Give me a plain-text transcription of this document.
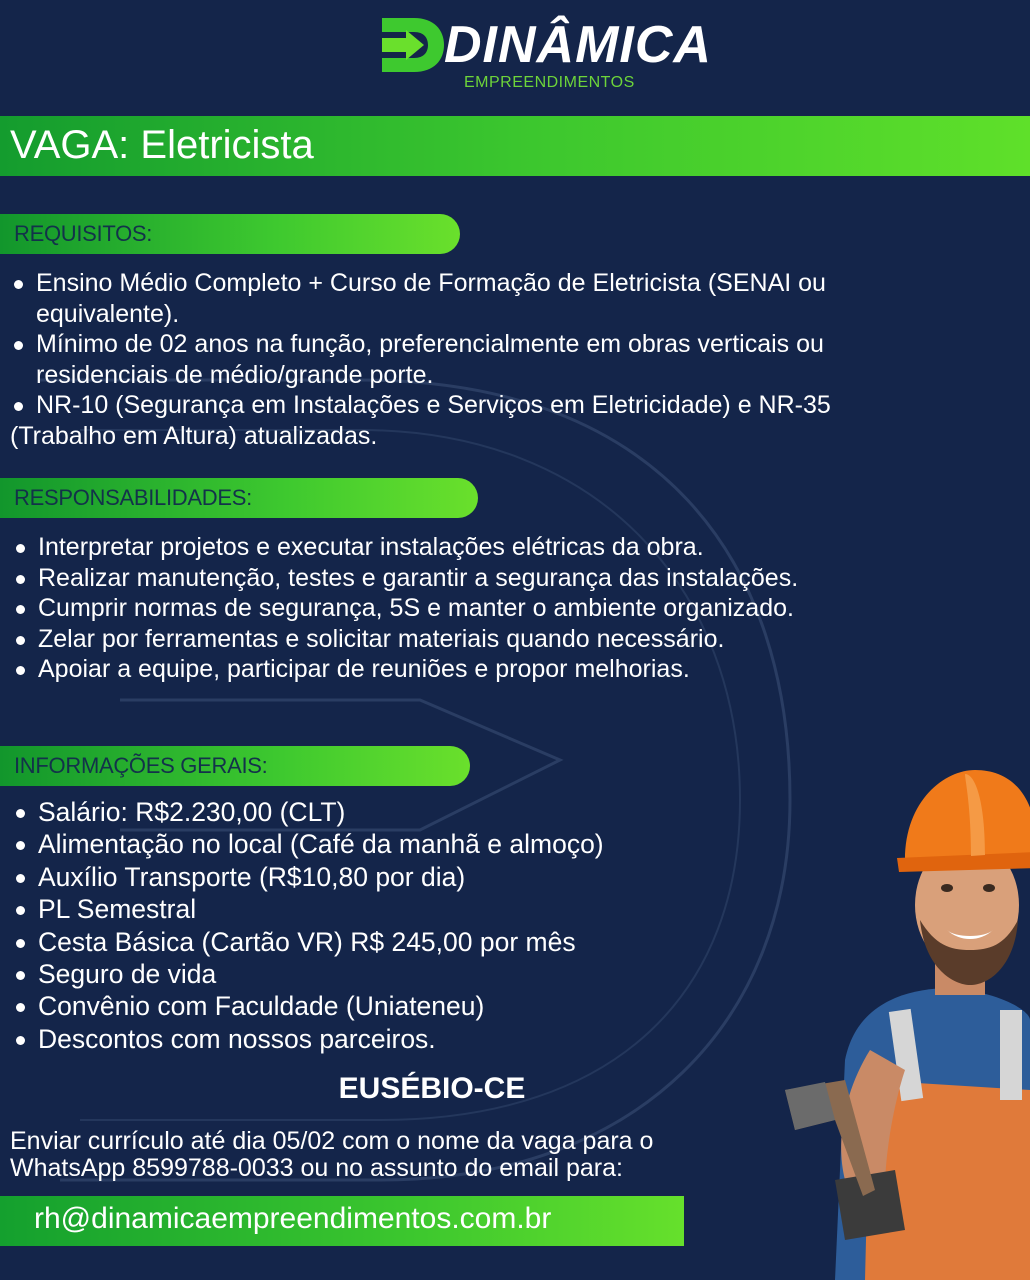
DINÂMICA
EMPREENDIMENTOS
VAGA: Eletricista
REQUISITOS:
Ensino Médio Completo + Curso de Formação de Eletricista (SENAI ou
equivalente).
Mínimo de 02 anos na função, preferencialmente em obras verticais ou
residenciais de médio/grande porte.
NR-10 (Segurança em Instalações e Serviços em Eletricidade) e NR-35
(Trabalho em Altura) atualizadas.
RESPONSABILIDADES:
Interpretar projetos e executar instalações elétricas da obra.
Realizar manutenção, testes e garantir a segurança das instalações.
Cumprir normas de segurança, 5S e manter o ambiente organizado.
Zelar por ferramentas e solicitar materiais quando necessário.
Apoiar a equipe, participar de reuniões e propor melhorias.
INFORMAÇÕES GERAIS:
Salário: R$2.230,00 (CLT)
Alimentação no local (Café da manhã e almoço)
Auxílio Transporte (R$10,80 por dia)
PL Semestral
Cesta Básica (Cartão VR) R$ 245,00 por mês
Seguro de vida
Convênio com Faculdade (Uniateneu)
Descontos com nossos parceiros.
EUSÉBIO-CE
Enviar currículo até dia 05/02 com o nome da vaga para o
WhatsApp 8599788-0033 ou no assunto do email para:
rh@dinamicaempreendimentos.com.br
